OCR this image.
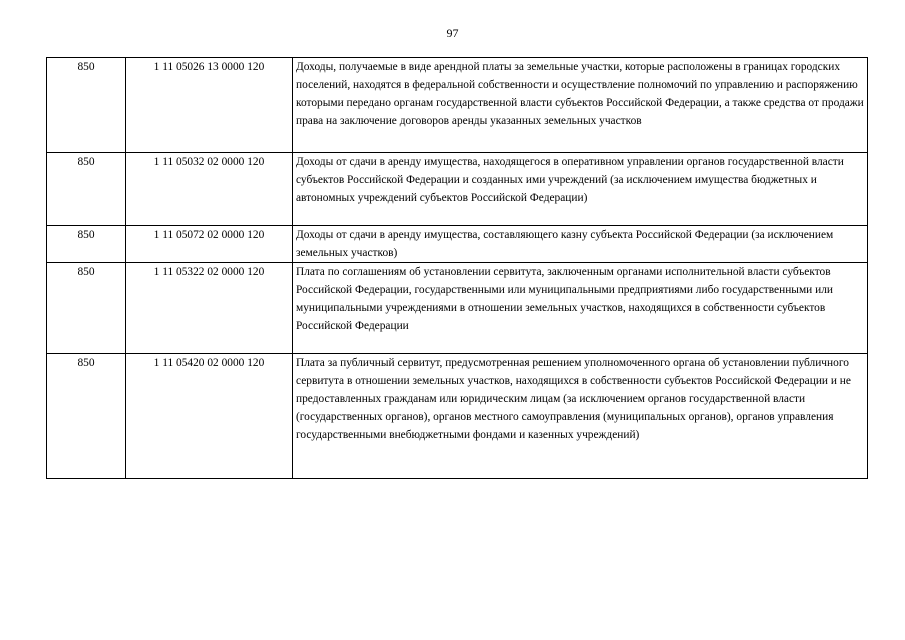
97
850	1 11 05026 13 0000 120	Доходы, получаемые в виде арендной платы за земельные участки, которые расположены в границах городских поселений, находятся в федеральной собственности и осуществление полномочий по управлению и распоряжению которыми передано органам государственной власти субъектов Российской Федерации, а также средства от продажи права на заключение договоров аренды указанных земельных участков
850	1 11 05032 02 0000 120	Доходы от сдачи в аренду имущества, находящегося в оперативном управлении органов государственной власти субъектов Российской Федерации и созданных ими учреждений (за исключением имущества бюджетных и автономных учреждений субъектов Российской Федерации)
850	1 11 05072 02 0000 120	Доходы от сдачи в аренду имущества, составляющего казну субъекта Российской Федерации (за исключением земельных участков)
850	1 11 05322 02 0000 120	Плата по соглашениям об установлении сервитута, заключенным органами исполнительной власти субъектов Российской Федерации, государственными или муниципальными предприятиями либо государственными или муниципальными учреждениями в отношении земельных участков, находящихся в собственности субъектов Российской Федерации
850	1 11 05420 02 0000 120	Плата за публичный сервитут, предусмотренная решением уполномоченного органа об установлении публичного сервитута в отношении земельных участков, находящихся в собственности субъектов Российской Федерации и не предоставленных гражданам или юридическим лицам (за исключением органов государственной власти (государственных органов), органов местного самоуправления (муниципальных органов), органов управления государственными внебюджетными фондами и казенных учреждений)
